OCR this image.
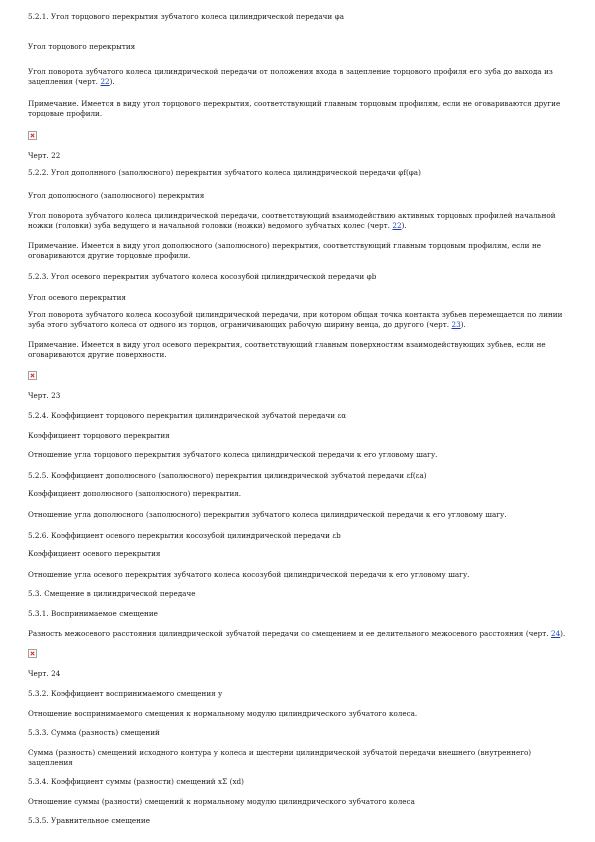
5.2.1. Угол торцового перекрытия зубчатого колеса цилиндрической передачи φа

Угол торцового перекрытия

Угол поворота зубчатого колеса цилиндрической передачи от положения входа в зацепление торцового профиля его зуба до выхода из зацепления (черт. 22).

Примечание. Имеется в виду угол торцового перекрытия, соответствующий главным торцовым профилям, если не оговариваются другие торцовые профили.

Черт. 22

5.2.2. Угол дополнного (заполюсного) перекрытия зубчатого колеса цилиндрической передачи φf(φа)

Угол дополюсного (заполюсного) перекрытия

Угол поворота зубчатого колеса цилиндрической передачи, соответствующий взаимодействию активных торцовых профилей начальной ножки (головки) зуба ведущего и начальной головки (ножки) ведомого зубчатых колес (черт. 22).

Примечание. Имеется в виду угол дополюсного (заполюсного) перекрытия, соответствующий главным торцовым профилям, если не оговариваются другие торцовые профили.

5.2.3. Угол осевого перекрытия зубчатого колеса косозубой цилиндрической передачи φb

Угол осевого перекрытия

Угол поворота зубчатого колеса косозубой цилиндрической передачи, при котором общая точка контакта зубьев перемещается по линии зуба этого зубчатого колеса от одного из торцов, ограничивающих рабочую ширину венца, до другого (черт. 23).

Примечание. Имеется в виду угол осевого перекрытия, соответствующий главным поверхностям взаимодействующих зубьев, если не оговариваются другие поверхности.

Черт. 23

5.2.4. Коэффициент торцового перекрытия цилиндрической зубчатой передачи εα

Коэффициент торцового перекрытия

Отношение угла торцового перекрытия зубчатого колеса цилиндрической передачи к его угловому шагу.

5.2.5. Коэффициент дополюсного (заполюсного) перекрытия цилиндрической зубчатой передачи εf(εа)

Коэффициент дополюсного (заполюсного) перекрытия.

Отношение угла дополюсного (заполюсного) перекрытия зубчатого колеса цилиндрической передачи к его угловому шагу.

5.2.6. Коэффициент осевого перекрытия косозубой цилиндрической передачи εb

Коэффициент осевого перекрытия

Отношение угла осевого перекрытия зубчатого колеса косозубой цилиндрической передачи к его угловому шагу.

5.3. Смещение в цилиндрической передаче

5.3.1. Воспринимаемое смещение

Разность межосевого расстояния цилиндрической зубчатой передачи со смещением и ее делительного межосевого расстояния (черт. 24).

Черт. 24

5.3.2. Коэффициент воспринимаемого смещения y

Отношение воспринимаемого смещения к нормальному модулю цилиндрического зубчатого колеса.

5.3.3. Сумма (разность) смещений

Сумма (разность) смещений исходного контура у колеса и шестерни цилиндрической зубчатой передачи внешнего (внутреннего) зацепления

5.3.4. Коэффициент суммы (разности) смещений xΣ (xd)

Отношение суммы (разности) смещений к нормальному модулю цилиндрического зубчатого колеса

5.3.5. Уравнительное смещение
